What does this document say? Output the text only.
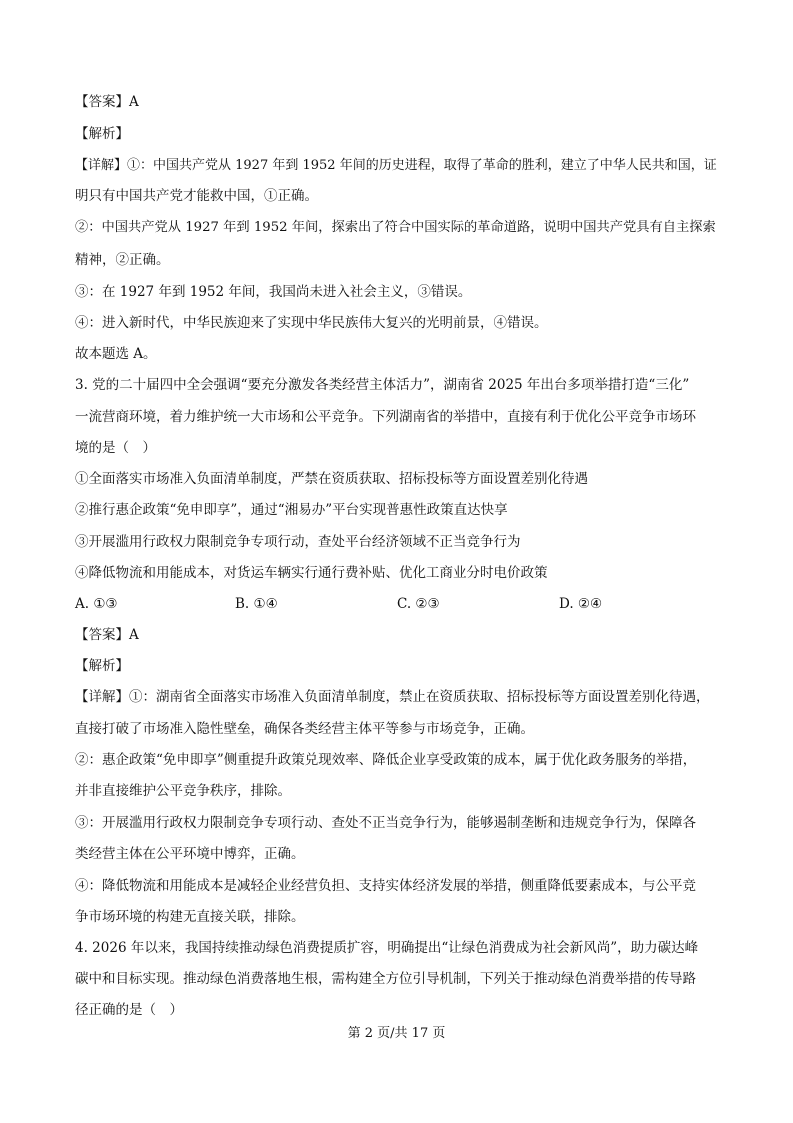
【答案】A
【解析】
【详解】①：中国共产党从 1927 年到 1952 年间的历史进程，取得了革命的胜利，建立了中华人民共和国，证
明只有中国共产党才能救中国，①正确。
②：中国共产党从 1927 年到 1952 年间，探索出了符合中国实际的革命道路，说明中国共产党具有自主探索
精神，②正确。
③：在 1927 年到 1952 年间，我国尚未进入社会主义，③错误。
④：进入新时代，中华民族迎来了实现中华民族伟大复兴的光明前景，④错误。
故本题选 A。
3. 党的二十届四中全会强调“要充分激发各类经营主体活力”，湖南省 2025 年出台多项举措打造“三化”
一流营商环境，着力维护统一大市场和公平竞争。下列湖南省的举措中，直接有利于优化公平竞争市场环
境的是（　）
①全面落实市场准入负面清单制度，严禁在资质获取、招标投标等方面设置差别化待遇
②推行惠企政策“免申即享”，通过“湘易办”平台实现普惠性政策直达快享
③开展滥用行政权力限制竞争专项行动，查处平台经济领域不正当竞争行为
④降低物流和用能成本，对货运车辆实行通行费补贴、优化工商业分时电价政策
A. ①③	B. ①④	C. ②③	D. ②④
【答案】A
【解析】
【详解】①：湖南省全面落实市场准入负面清单制度，禁止在资质获取、招标投标等方面设置差别化待遇，
直接打破了市场准入隐性壁垒，确保各类经营主体平等参与市场竞争，正确。
②：惠企政策“免申即享”侧重提升政策兑现效率、降低企业享受政策的成本，属于优化政务服务的举措，
并非直接维护公平竞争秩序，排除。
③：开展滥用行政权力限制竞争专项行动、查处不正当竞争行为，能够遏制垄断和违规竞争行为，保障各
类经营主体在公平环境中博弈，正确。
④：降低物流和用能成本是减轻企业经营负担、支持实体经济发展的举措，侧重降低要素成本，与公平竞
争市场环境的构建无直接关联，排除。
4. 2026 年以来，我国持续推动绿色消费提质扩容，明确提出“让绿色消费成为社会新风尚”，助力碳达峰
碳中和目标实现。推动绿色消费落地生根，需构建全方位引导机制，下列关于推动绿色消费举措的传导路
径正确的是（　）
第 2 页/共 17 页
